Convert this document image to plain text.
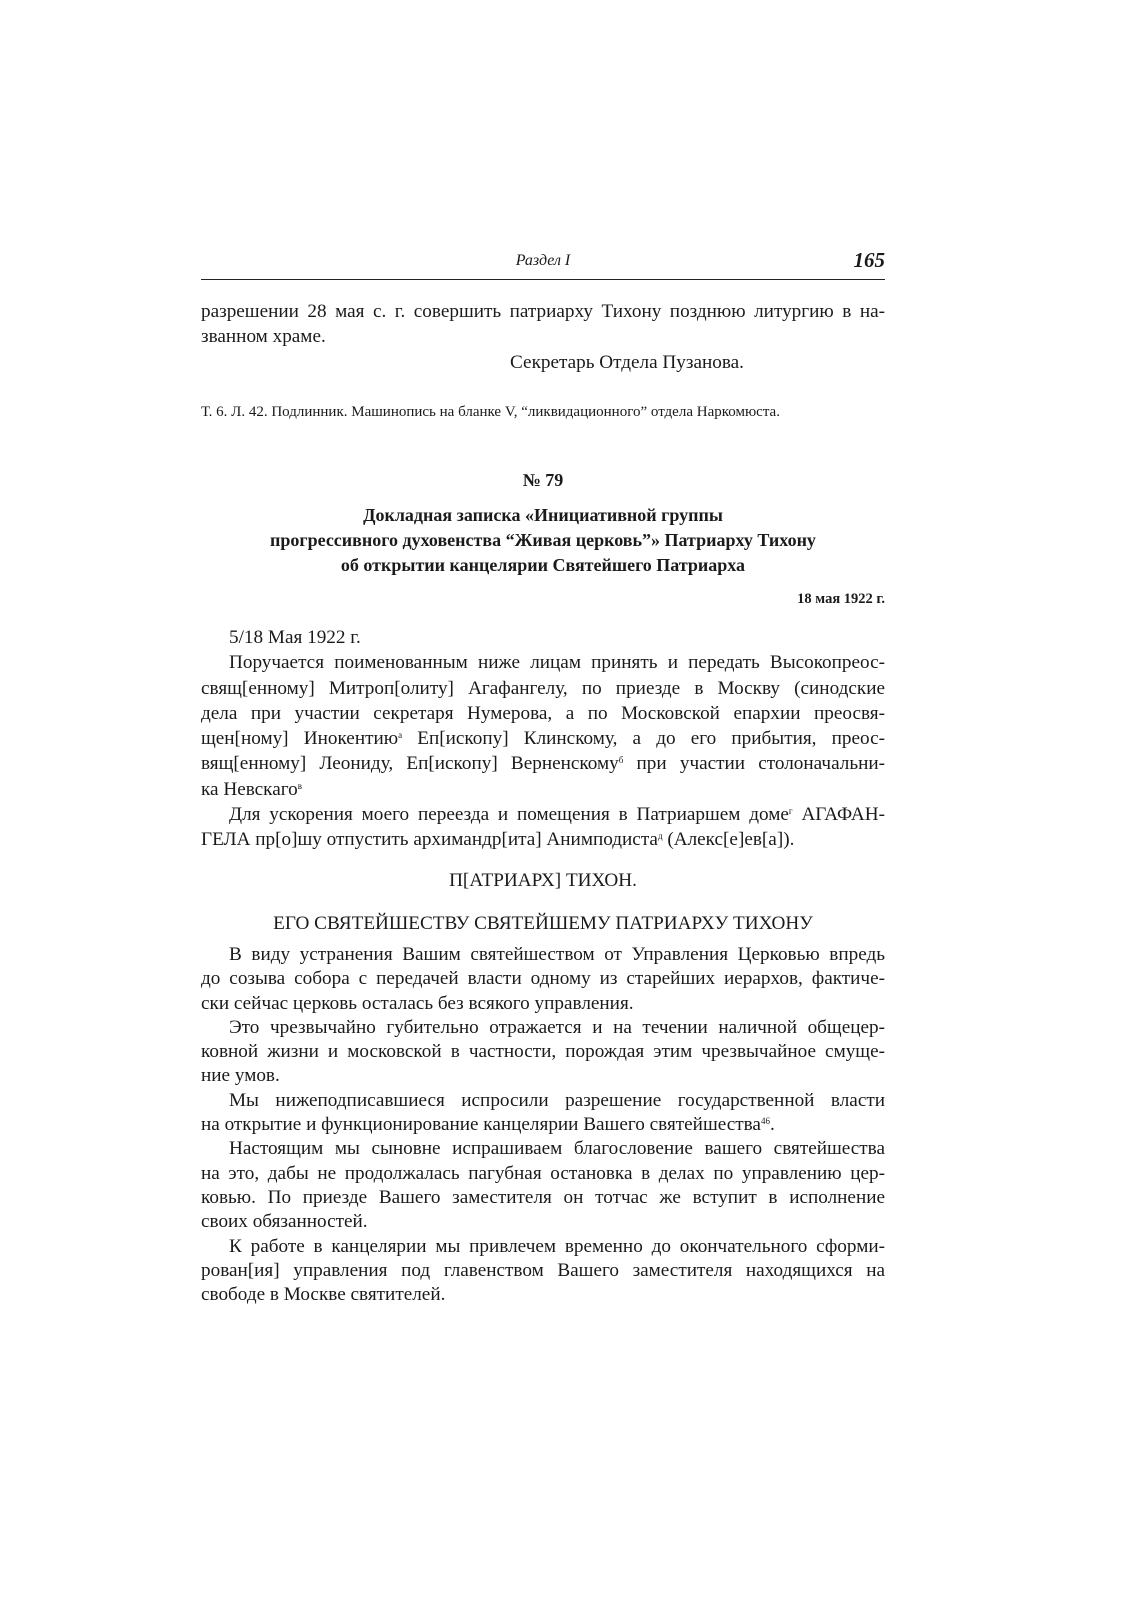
Раздел I	165
разрешении 28 мая с. г. совершить патриарху Тихону позднюю литургию в на-
званном храме.
Секретарь Отдела Пузанова.
Т. 6. Л. 42. Подлинник. Машинопись на бланке V, “ликвидационного” отдела Наркомюста.
№ 79
Докладная записка «Инициативной группы
прогрессивного духовенства “Живая церковь”» Патриарху Тихону
об открытии канцелярии Святейшего Патриарха
18 мая 1922 г.
5/18 Мая 1922 г.
Поручается поименованным ниже лицам принять и передать Высокопреос-
свящ[енному] Митроп[олиту] Агафангелу, по приезде в Москву (синодские
дела при участии секретаря Нумерова, а по Московской епархии преосвя-
щен[ному] Инокентию$^а$ Еп[ископу] Клинскому, а до его прибытия, преос-
вящ[енному] Леониду, Еп[ископу] Верненскому$^б$ при участии столоначальни-
ка Невскаго$^в$
Для ускорения моего переезда и помещения в Патриаршем доме$^г$ АГАФАН-
ГЕЛА пр[о]шу отпустить архимандр[ита] Анимподиста$^д$ (Алекс[е]ев[а]).
П[АТРИАРХ] ТИХОН.
ЕГО СВЯТЕЙШЕСТВУ СВЯТЕЙШЕМУ ПАТРИАРХУ ТИХОНУ
В виду устранения Вашим святейшеством от Управления Церковью впредь
до созыва собора с передачей власти одному из старейших иерархов, фактиче-
ски сейчас церковь осталась без всякого управления.
Это чрезвычайно губительно отражается и на течении наличной общецер-
ковной жизни и московской в частности, порождая этим чрезвычайное смуще-
ние умов.
Мы нижеподписавшиеся испросили разрешение государственной власти
на открытие и функционирование канцелярии Вашего святейшества$^{46}$.
Настоящим мы сыновне испрашиваем благословение вашего святейшества
на это, дабы не продолжалась пагубная остановка в делах по управлению цер-
ковью. По приезде Вашего заместителя он тотчас же вступит в исполнение
своих обязанностей.
К работе в канцелярии мы привлечем временно до окончательного сформи-
рован[ия] управления под главенством Вашего заместителя находящихся на
свободе в Москве святителей.
